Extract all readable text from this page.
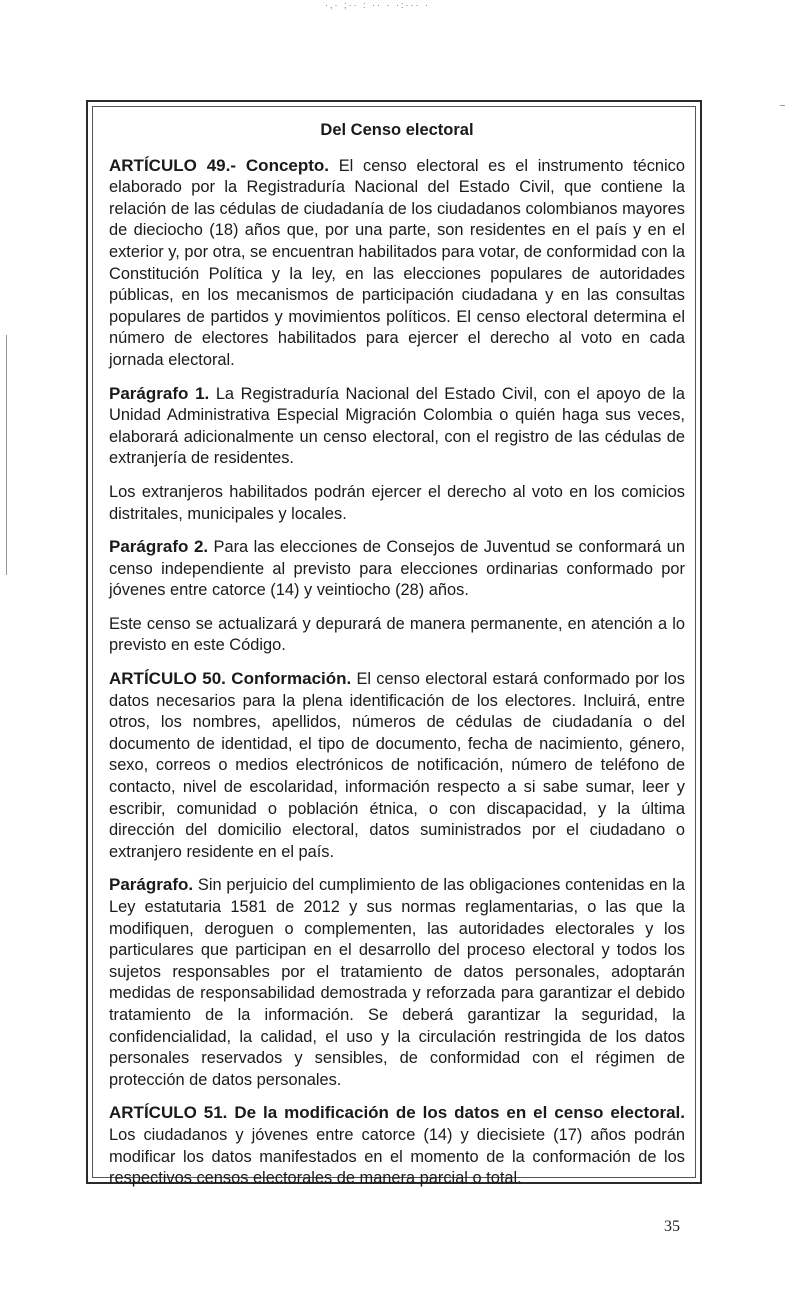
·,· ;·· : ·· · ·:··· ·
Del Censo electoral

ARTÍCULO 49.- Concepto. El censo electoral es el instrumento técnico elaborado por la Registraduría Nacional del Estado Civil, que contiene la relación de las cédulas de ciudadanía de los ciudadanos colombianos mayores de dieciocho (18) años que, por una parte, son residentes en el país y en el exterior y, por otra, se encuentran habilitados para votar, de conformidad con la Constitución Política y la ley, en las elecciones populares de autoridades públicas, en los mecanismos de participación ciudadana y en las consultas populares de partidos y movimientos políticos. El censo electoral determina el número de electores habilitados para ejercer el derecho al voto en cada jornada electoral.

Parágrafo 1. La Registraduría Nacional del Estado Civil, con el apoyo de la Unidad Administrativa Especial Migración Colombia o quién haga sus veces, elaborará adicionalmente un censo electoral, con el registro de las cédulas de extranjería de residentes.

Los extranjeros habilitados podrán ejercer el derecho al voto en los comicios distritales, municipales y locales.

Parágrafo 2. Para las elecciones de Consejos de Juventud se conformará un censo independiente al previsto para elecciones ordinarias conformado por jóvenes entre catorce (14) y veintiocho (28) años.

Este censo se actualizará y depurará de manera permanente, en atención a lo previsto en este Código.

ARTÍCULO 50. Conformación. El censo electoral estará conformado por los datos necesarios para la plena identificación de los electores. Incluirá, entre otros, los nombres, apellidos, números de cédulas de ciudadanía o del documento de identidad, el tipo de documento, fecha de nacimiento, género, sexo, correos o medios electrónicos de notificación, número de teléfono de contacto, nivel de escolaridad, información respecto a si sabe sumar, leer y escribir, comunidad o población étnica, o con discapacidad, y la última dirección del domicilio electoral, datos suministrados por el ciudadano o extranjero residente en el país.

Parágrafo. Sin perjuicio del cumplimiento de las obligaciones contenidas en la Ley estatutaria 1581 de 2012 y sus normas reglamentarias, o las que la modifiquen, deroguen o complementen, las autoridades electorales y los particulares que participan en el desarrollo del proceso electoral y todos los sujetos responsables por el tratamiento de datos personales, adoptarán medidas de responsabilidad demostrada y reforzada para garantizar el debido tratamiento de la información. Se deberá garantizar la seguridad, la confidencialidad, la calidad, el uso y la circulación restringida de los datos personales reservados y sensibles, de conformidad con el régimen de protección de datos personales.

ARTÍCULO 51. De la modificación de los datos en el censo electoral. Los ciudadanos y jóvenes entre catorce (14) y diecisiete (17) años podrán modificar los datos manifestados en el momento de la conformación de los respectivos censos electorales de manera parcial o total.

35
